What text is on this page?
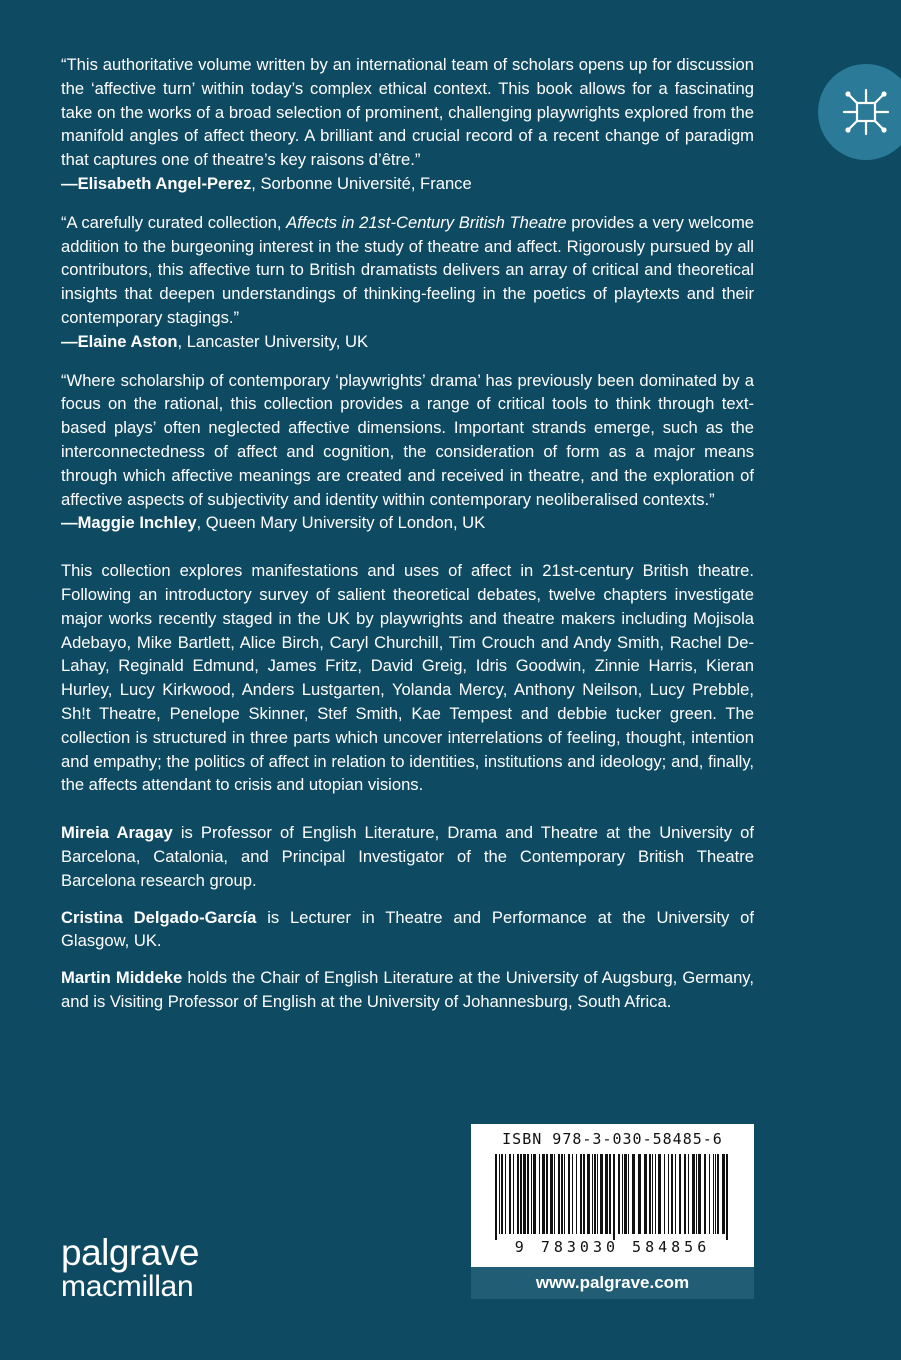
“This authoritative volume written by an international team of scholars opens up for discussion the ‘affective turn’ within today’s complex ethical context. This book allows for a fascinating take on the works of a broad selection of prominent, challenging playwrights explored from the manifold angles of affect theory. A brilliant and crucial record of a recent change of paradigm that captures one of theatre’s key raisons d’être.”

—Elisabeth Angel-Perez, Sorbonne Université, France

“A carefully curated collection, Affects in 21st-Century British Theatre provides a very welcome addition to the burgeoning interest in the study of theatre and affect. Rigorously pursued by all contributors, this affective turn to British dramatists delivers an array of critical and theoretical insights that deepen understandings of thinking-feeling in the poetics of playtexts and their contemporary stagings.”

—Elaine Aston, Lancaster University, UK

“Where scholarship of contemporary ‘playwrights’ drama’ has previously been dominated by a focus on the rational, this collection provides a range of critical tools to think through text-based plays’ often neglected affective dimensions. Important strands emerge, such as the interconnectedness of affect and cognition, the consideration of form as a major means through which affective meanings are created and received in theatre, and the exploration of affective aspects of subjectivity and identity within contemporary neoliberalised contexts.”

—Maggie Inchley, Queen Mary University of London, UK

This collection explores manifestations and uses of affect in 21st-century British theatre. Following an introductory survey of salient theoretical debates, twelve chapters investigate major works recently staged in the UK by playwrights and theatre makers including Mojisola Adebayo, Mike Bartlett, Alice Birch, Caryl Churchill, Tim Crouch and Andy Smith, Rachel De-Lahay, Reginald Edmund, James Fritz, David Greig, Idris Goodwin, Zinnie Harris, Kieran Hurley, Lucy Kirkwood, Anders Lustgarten, Yolanda Mercy, Anthony Neilson, Lucy Prebble, Sh!t Theatre, Penelope Skinner, Stef Smith, Kae Tempest and debbie tucker green. The collection is structured in three parts which uncover interrelations of feeling, thought, intention and empathy; the politics of affect in relation to identities, institutions and ideology; and, finally, the affects attendant to crisis and utopian visions.

Mireia Aragay is Professor of English Literature, Drama and Theatre at the University of Barcelona, Catalonia, and Principal Investigator of the Contemporary British Theatre Barcelona research group.

Cristina Delgado-García is Lecturer in Theatre and Performance at the University of Glasgow, UK.

Martin Middeke holds the Chair of English Literature at the University of Augsburg, Germany, and is Visiting Professor of English at the University of Johannesburg, South Africa.

ISBN 978-3-030-58485-6
9 783030 584856
www.palgrave.com
palgrave
macmillan
